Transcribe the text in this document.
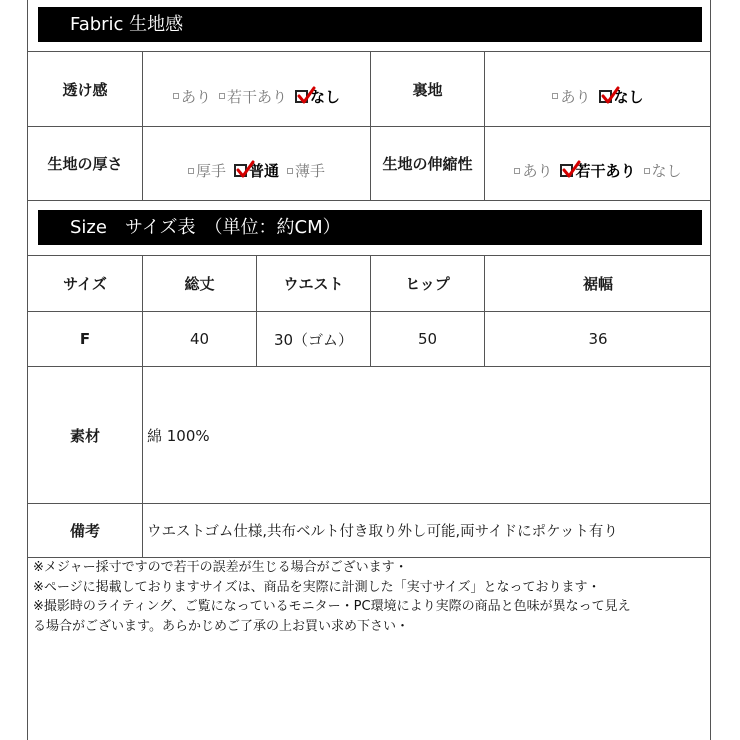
Fabric 生地感
透け感	あり 若干あり なし	裏地	あり なし
生地の厚さ	厚手 普通 薄手	生地の伸縮性	あり 若干あり なし
Size　サイズ表　（単位：約CM）
サイズ	総丈	ウエスト	ヒップ	裾幅
F	40	30（ゴム）	50	36
素材	綿 100%
備考	ウエストゴム仕様,共布ベルト付き取り外し可能,両サイドにポケット有り
※メジャー採寸ですので若干の誤差が生じる場合がございます・
※ページに掲載しておりますサイズは、商品を実際に計測した「実寸サイズ」となっております・
※撮影時のライティング、ご覧になっているモニター・PC環境により実際の商品と色味が異なって見え
る場合がございます。あらかじめご了承の上お買い求め下さい・
